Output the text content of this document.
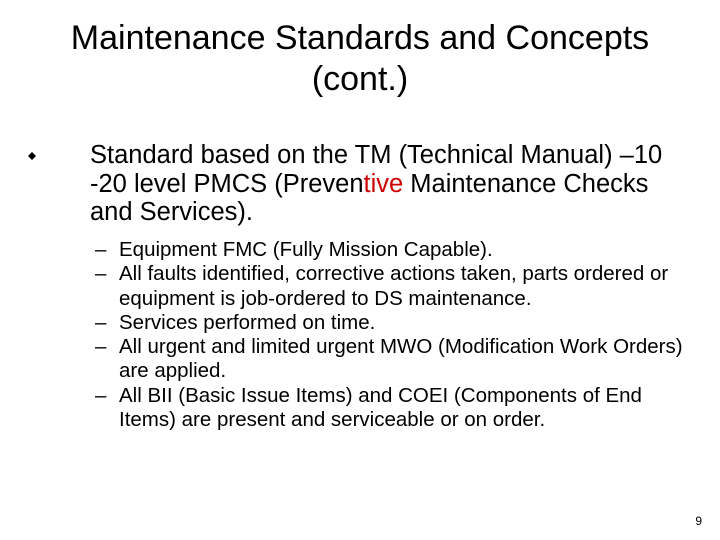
Maintenance Standards and Concepts (cont.)
Standard based on the TM (Technical Manual) –10 -20 level PMCS (Preventive Maintenance Checks and Services).
– Equipment FMC (Fully Mission Capable).
– All faults identified, corrective actions taken, parts ordered or equipment is job-ordered to DS maintenance.
– Services performed on time.
– All urgent and limited urgent MWO (Modification Work Orders) are applied.
– All BII (Basic Issue Items) and COEI (Components of End Items) are present and serviceable or on order.
9
